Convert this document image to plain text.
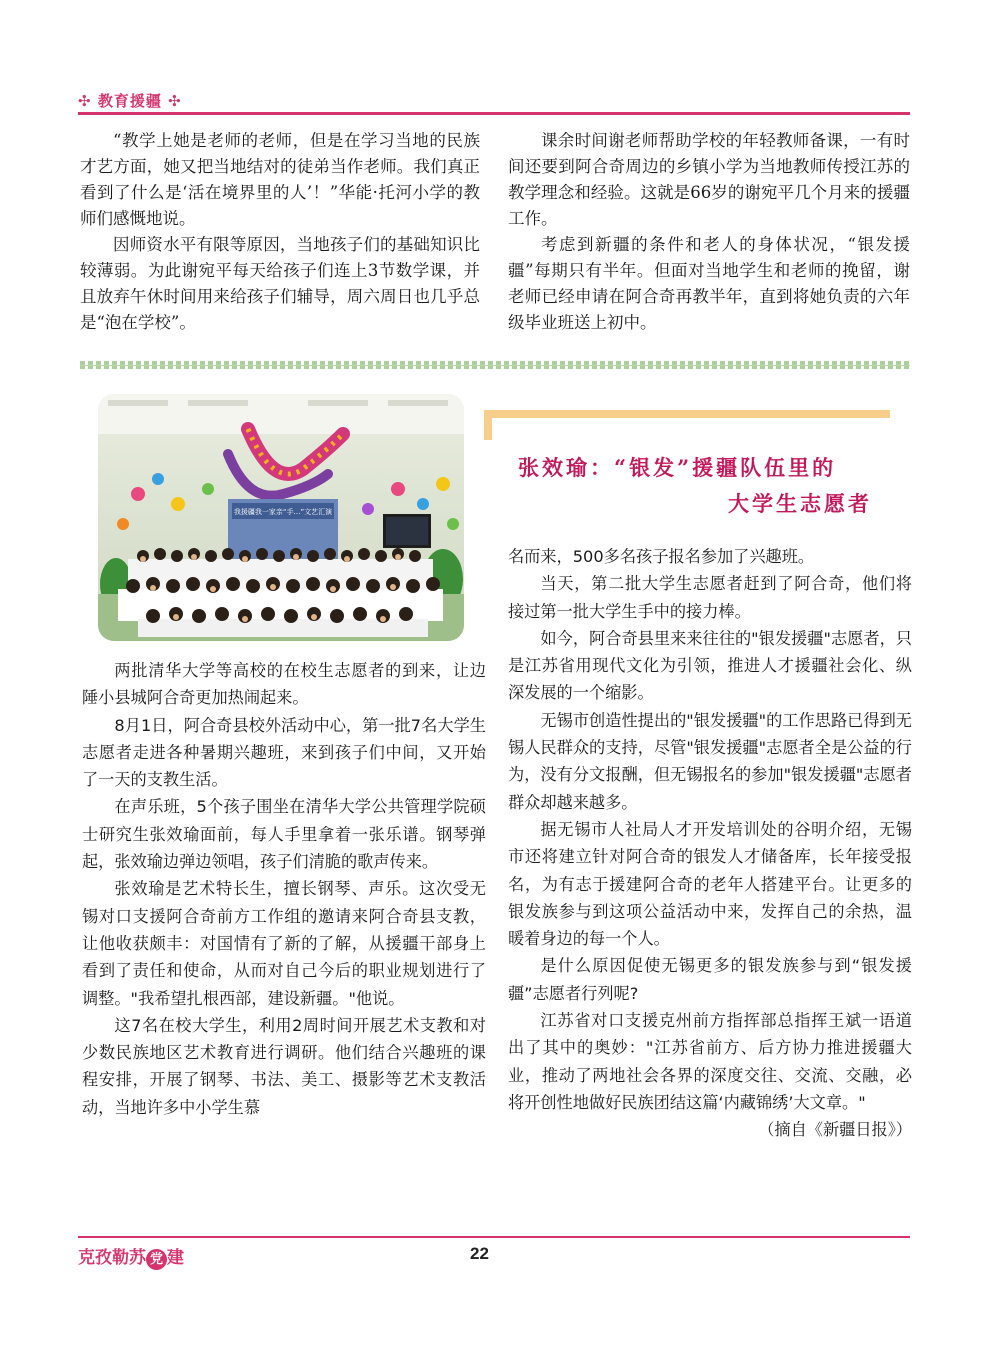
✣ 教育援疆 ✣

“教学上她是老师的老师，但是在学习当地的民族才艺方面，她又把当地结对的徒弟当作老师。我们真正看到了什么是‘活在境界里的人’！”华能·托河小学的教师们感慨地说。

因师资水平有限等原因，当地孩子们的基础知识比较薄弱。为此谢宛平每天给孩子们连上3节数学课，并且放弃午休时间用来给孩子们辅导，周六周日也几乎总是“泡在学校”。

课余时间谢老师帮助学校的年轻教师备课，一有时间还要到阿合奇周边的乡镇小学为当地教师传授江苏的教学理念和经验。这就是66岁的谢宛平几个月来的援疆工作。

考虑到新疆的条件和老人的身体状况，“银发援疆”每期只有半年。但面对当地学生和老师的挽留，谢老师已经申请在阿合奇再教半年，直到将她负责的六年级毕业班送上初中。

我援疆我一家亲“手…”文艺汇演
张效瑜：“银发”援疆队伍里的
大学生志愿者

两批清华大学等高校的在校生志愿者的到来，让边陲小县城阿合奇更加热闹起来。

8月1日，阿合奇县校外活动中心，第一批7名大学生志愿者走进各种暑期兴趣班，来到孩子们中间，又开始了一天的支教生活。

在声乐班，5个孩子围坐在清华大学公共管理学院硕士研究生张效瑜面前，每人手里拿着一张乐谱。钢琴弹起，张效瑜边弹边领唱，孩子们清脆的歌声传来。

张效瑜是艺术特长生，擅长钢琴、声乐。这次受无锡对口支援阿合奇前方工作组的邀请来阿合奇县支教，让他收获颇丰：对国情有了新的了解，从援疆干部身上看到了责任和使命，从而对自己今后的职业规划进行了调整。"我希望扎根西部，建设新疆。"他说。

这7名在校大学生，利用2周时间开展艺术支教和对少数民族地区艺术教育进行调研。他们结合兴趣班的课程安排，开展了钢琴、书法、美工、摄影等艺术支教活动，当地许多中小学生慕

名而来，500多名孩子报名参加了兴趣班。

当天，第二批大学生志愿者赶到了阿合奇，他们将接过第一批大学生手中的接力棒。

如今，阿合奇县里来来往往的"银发援疆"志愿者，只是江苏省用现代文化为引领，推进人才援疆社会化、纵深发展的一个缩影。

无锡市创造性提出的"银发援疆"的工作思路已得到无锡人民群众的支持，尽管"银发援疆"志愿者全是公益的行为，没有分文报酬，但无锡报名的参加"银发援疆"志愿者群众却越来越多。

据无锡市人社局人才开发培训处的谷明介绍，无锡市还将建立针对阿合奇的银发人才储备库，长年接受报名，为有志于援建阿合奇的老年人搭建平台。让更多的银发族参与到这项公益活动中来，发挥自己的余热，温暖着身边的每一个人。

是什么原因促使无锡更多的银发族参与到“银发援疆”志愿者行列呢?

江苏省对口支援克州前方指挥部总指挥王斌一语道出了其中的奥妙："江苏省前方、后方协力推进援疆大业，推动了两地社会各界的深度交往、交流、交融，必将开创性地做好民族团结这篇‘内藏锦绣’大文章。"

（摘自《新疆日报》）

克孜勒苏 党 建	22
